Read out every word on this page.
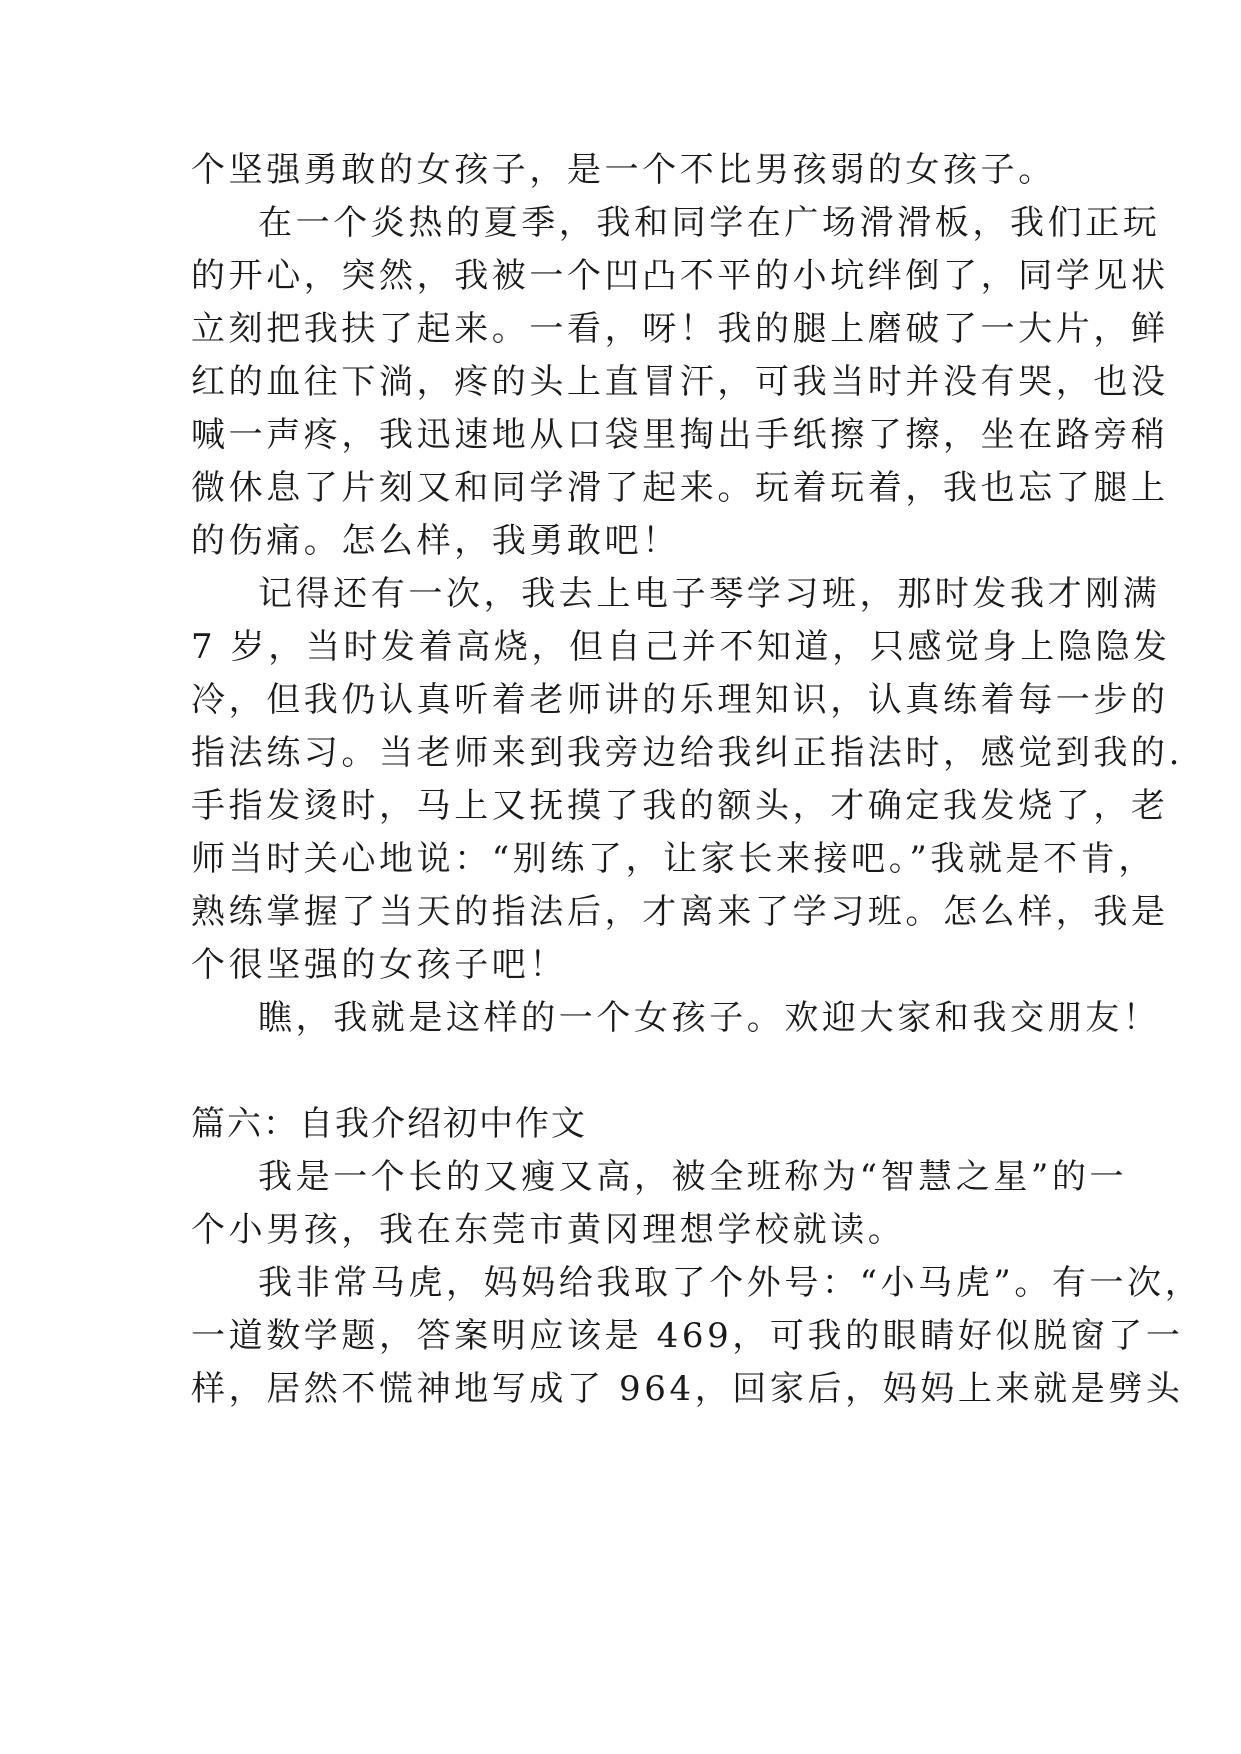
个坚强勇敢的女孩子，是一个不比男孩弱的女孩子。
在一个炎热的夏季，我和同学在广场滑滑板，我们正玩
的开心，突然，我被一个凹凸不平的小坑绊倒了，同学见状
立刻把我扶了起来。一看，呀！我的腿上磨破了一大片，鲜
红的血往下淌，疼的头上直冒汗，可我当时并没有哭，也没
喊一声疼，我迅速地从口袋里掏出手纸擦了擦，坐在路旁稍
微休息了片刻又和同学滑了起来。玩着玩着，我也忘了腿上
的伤痛。怎么样，我勇敢吧！
记得还有一次，我去上电子琴学习班，那时发我才刚满
7 岁，当时发着高烧，但自己并不知道，只感觉身上隐隐发
冷，但我仍认真听着老师讲的乐理知识，认真练着每一步的
指法练习。当老师来到我旁边给我纠正指法时，感觉到我的.
手指发烫时，马上又抚摸了我的额头，才确定我发烧了，老
师当时关心地说：“别练了，让家长来接吧。”我就是不肯，
熟练掌握了当天的指法后，才离来了学习班。怎么样，我是
个很坚强的女孩子吧！
瞧，我就是这样的一个女孩子。欢迎大家和我交朋友！
篇六：自我介绍初中作文
我是一个长的又瘦又高，被全班称为“智慧之星”的一
个小男孩，我在东莞市黄冈理想学校就读。
我非常马虎，妈妈给我取了个外号：“小马虎”。有一次，
一道数学题，答案明应该是 469，可我的眼睛好似脱窗了一
样，居然不慌神地写成了 964，回家后，妈妈上来就是劈头
